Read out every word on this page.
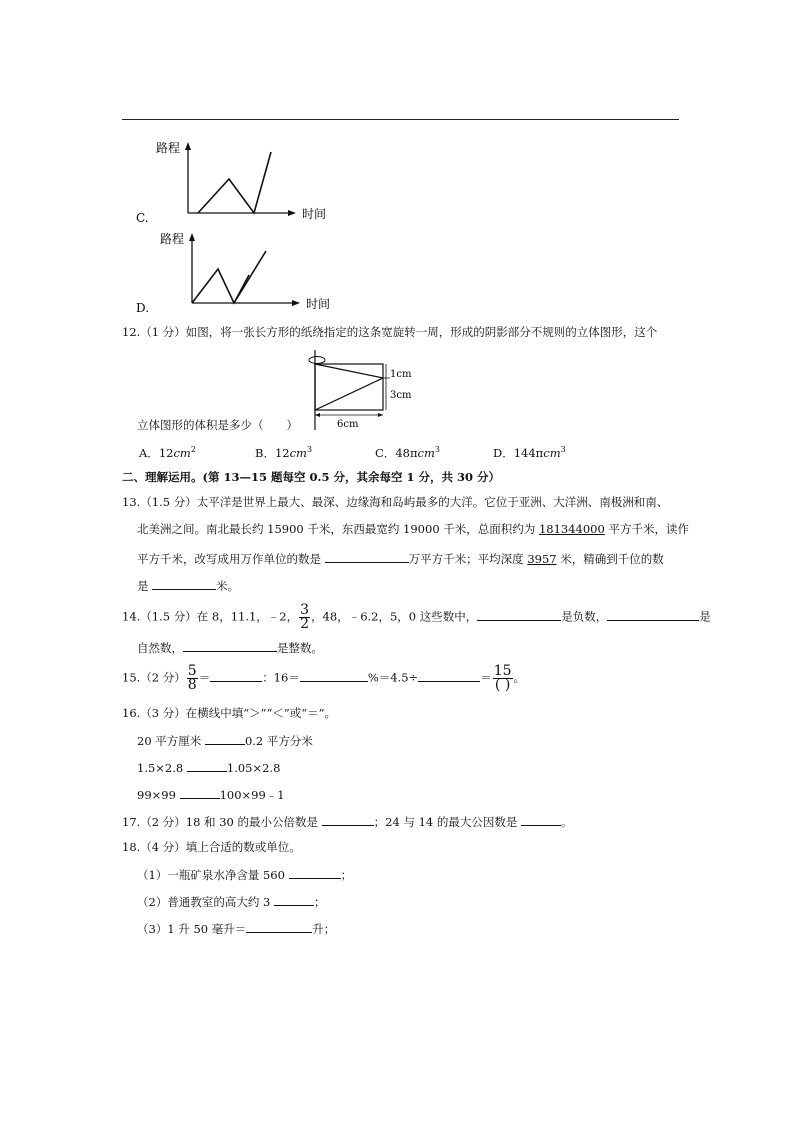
路程
时间
C.
路程
时间
D.
12.（1 分）如图，将一张长方形的纸绕指定的这条宽旋转一周，形成的阴影部分不规则的立体图形，这个
1cm
3cm
6cm
立体图形的体积是多少（　　）
A．$12cm^2$	B．$12cm^3$	C．48πcm$^3$	D．144πcm$^3$
二、理解运用。(第 13—15 题每空 0.5 分，其余每空 1 分，共 30 分）
13.（1.5 分）太平洋是世界上最大、最深、边缘海和岛屿最多的大洋。它位于亚洲、大洋洲、南极洲和南、
北美洲之间。南北最长约 15900 千米，东西最宽约 19000 千米，总面积约为 181344000 平方千米，读作
平方千米，改写成用万作单位的数是	万平方千米；平均深度 3957 米，精确到千位的数
是	米。
14.（1.5 分）在 8，11.1，﹣2， $\frac{3}{2}$ ，48，﹣6.2，5，0 这些数中，	是负数，	是
自然数，	是整数。
15.（2 分） $\frac{5}{8}$ ＝	：16＝	%＝4.5÷	＝ $\frac{15}{( )}$ 。
16.（3 分）在横线中填“＞”“＜”或“＝”。
20 平方厘米	0.2 平方分米
1.5×2.8	1.05×2.8
99×99	100×99﹣1
17.（2 分）18 和 30 的最小公倍数是	；24 与 14 的最大公因数是	。
18.（4 分）填上合适的数或单位。
（1）一瓶矿泉水净含量 560	；
（2）普通教室的高大约 3	；
（3）1 升 50 毫升＝	升；
